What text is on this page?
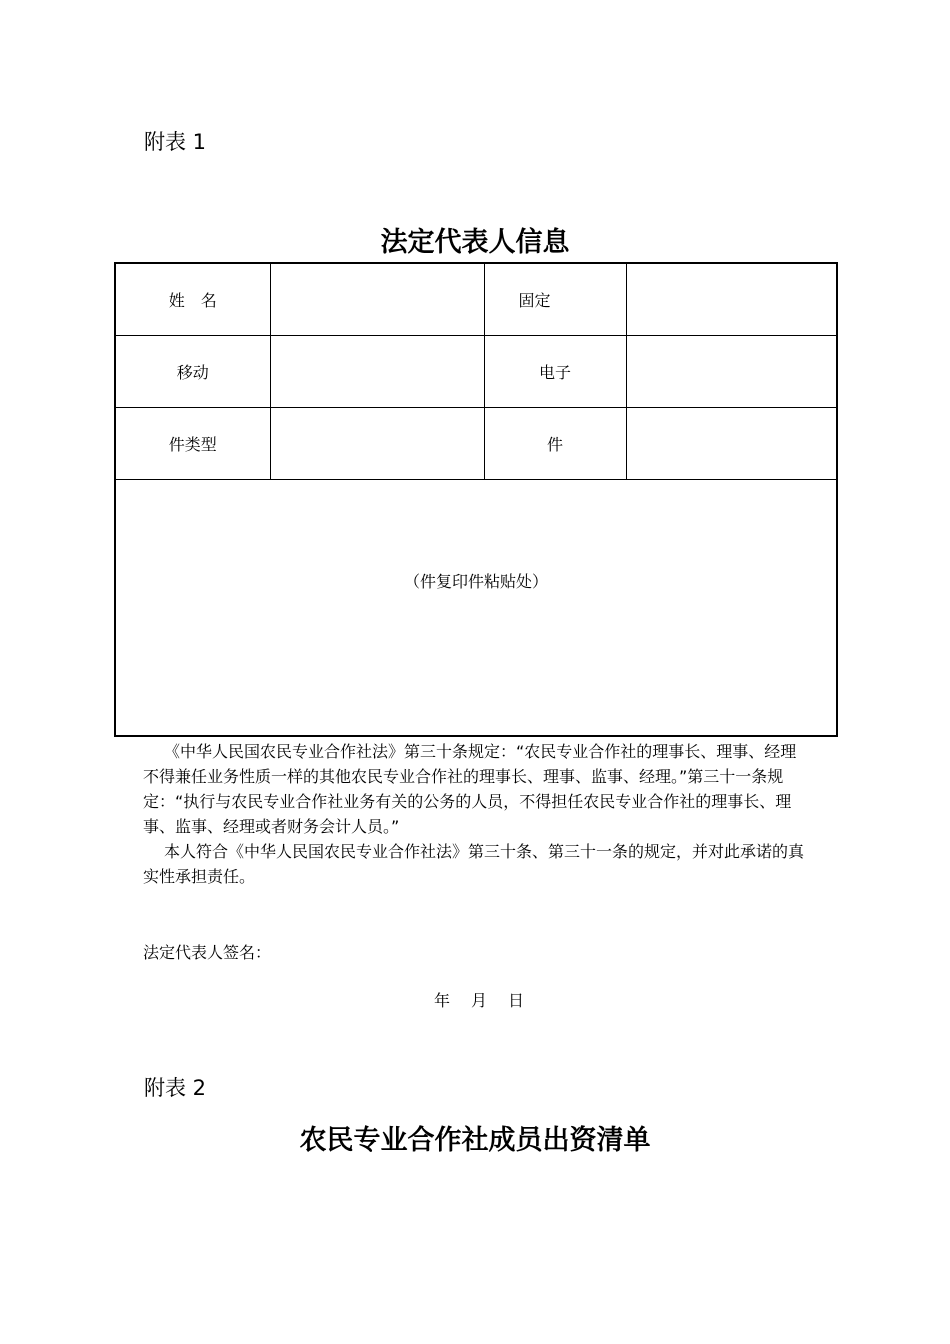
附表 1
法定代表人信息
姓　名		固定	
移动		电子	
件类型		件	
（件复印件粘贴处）			
《中华人民国农民专业合作社法》第三十条规定：“农民专业合作社的理事长、理事、经理不得兼任业务性质一样的其他农民专业合作社的理事长、理事、监事、经理。”第三十一条规定：“执行与农民专业合作社业务有关的公务的人员，不得担任农民专业合作社的理事长、理事、监事、经理或者财务会计人员。”
本人符合《中华人民国农民专业合作社法》第三十条、第三十一条的规定，并对此承诺的真实性承担责任。
法定代表人签名：
年 月 日
附表 2
农民专业合作社成员出资清单
